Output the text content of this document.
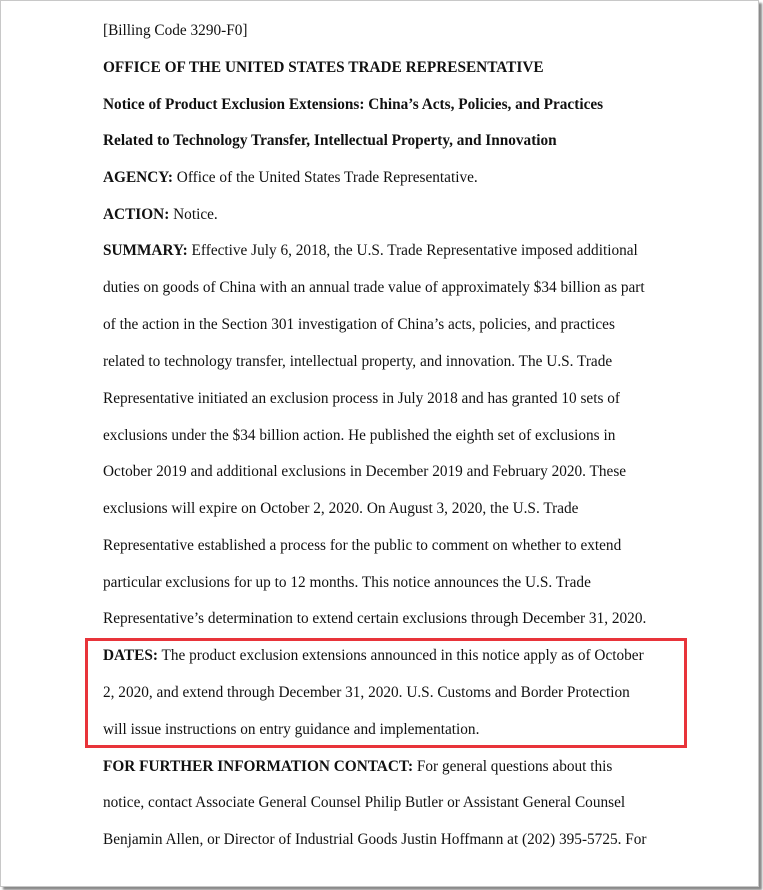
[Billing Code 3290-F0]
OFFICE OF THE UNITED STATES TRADE REPRESENTATIVE
Notice of Product Exclusion Extensions: China’s Acts, Policies, and Practices
Related to Technology Transfer, Intellectual Property, and Innovation
AGENCY: Office of the United States Trade Representative.
ACTION: Notice.
SUMMARY: Effective July 6, 2018, the U.S. Trade Representative imposed additional
duties on goods of China with an annual trade value of approximately $34 billion as part
of the action in the Section 301 investigation of China’s acts, policies, and practices
related to technology transfer, intellectual property, and innovation. The U.S. Trade
Representative initiated an exclusion process in July 2018 and has granted 10 sets of
exclusions under the $34 billion action. He published the eighth set of exclusions in
October 2019 and additional exclusions in December 2019 and February 2020. These
exclusions will expire on October 2, 2020. On August 3, 2020, the U.S. Trade
Representative established a process for the public to comment on whether to extend
particular exclusions for up to 12 months. This notice announces the U.S. Trade
Representative’s determination to extend certain exclusions through December 31, 2020.
DATES: The product exclusion extensions announced in this notice apply as of October
2, 2020, and extend through December 31, 2020. U.S. Customs and Border Protection
will issue instructions on entry guidance and implementation.
FOR FURTHER INFORMATION CONTACT: For general questions about this
notice, contact Associate General Counsel Philip Butler or Assistant General Counsel
Benjamin Allen, or Director of Industrial Goods Justin Hoffmann at (202) 395-5725. For
